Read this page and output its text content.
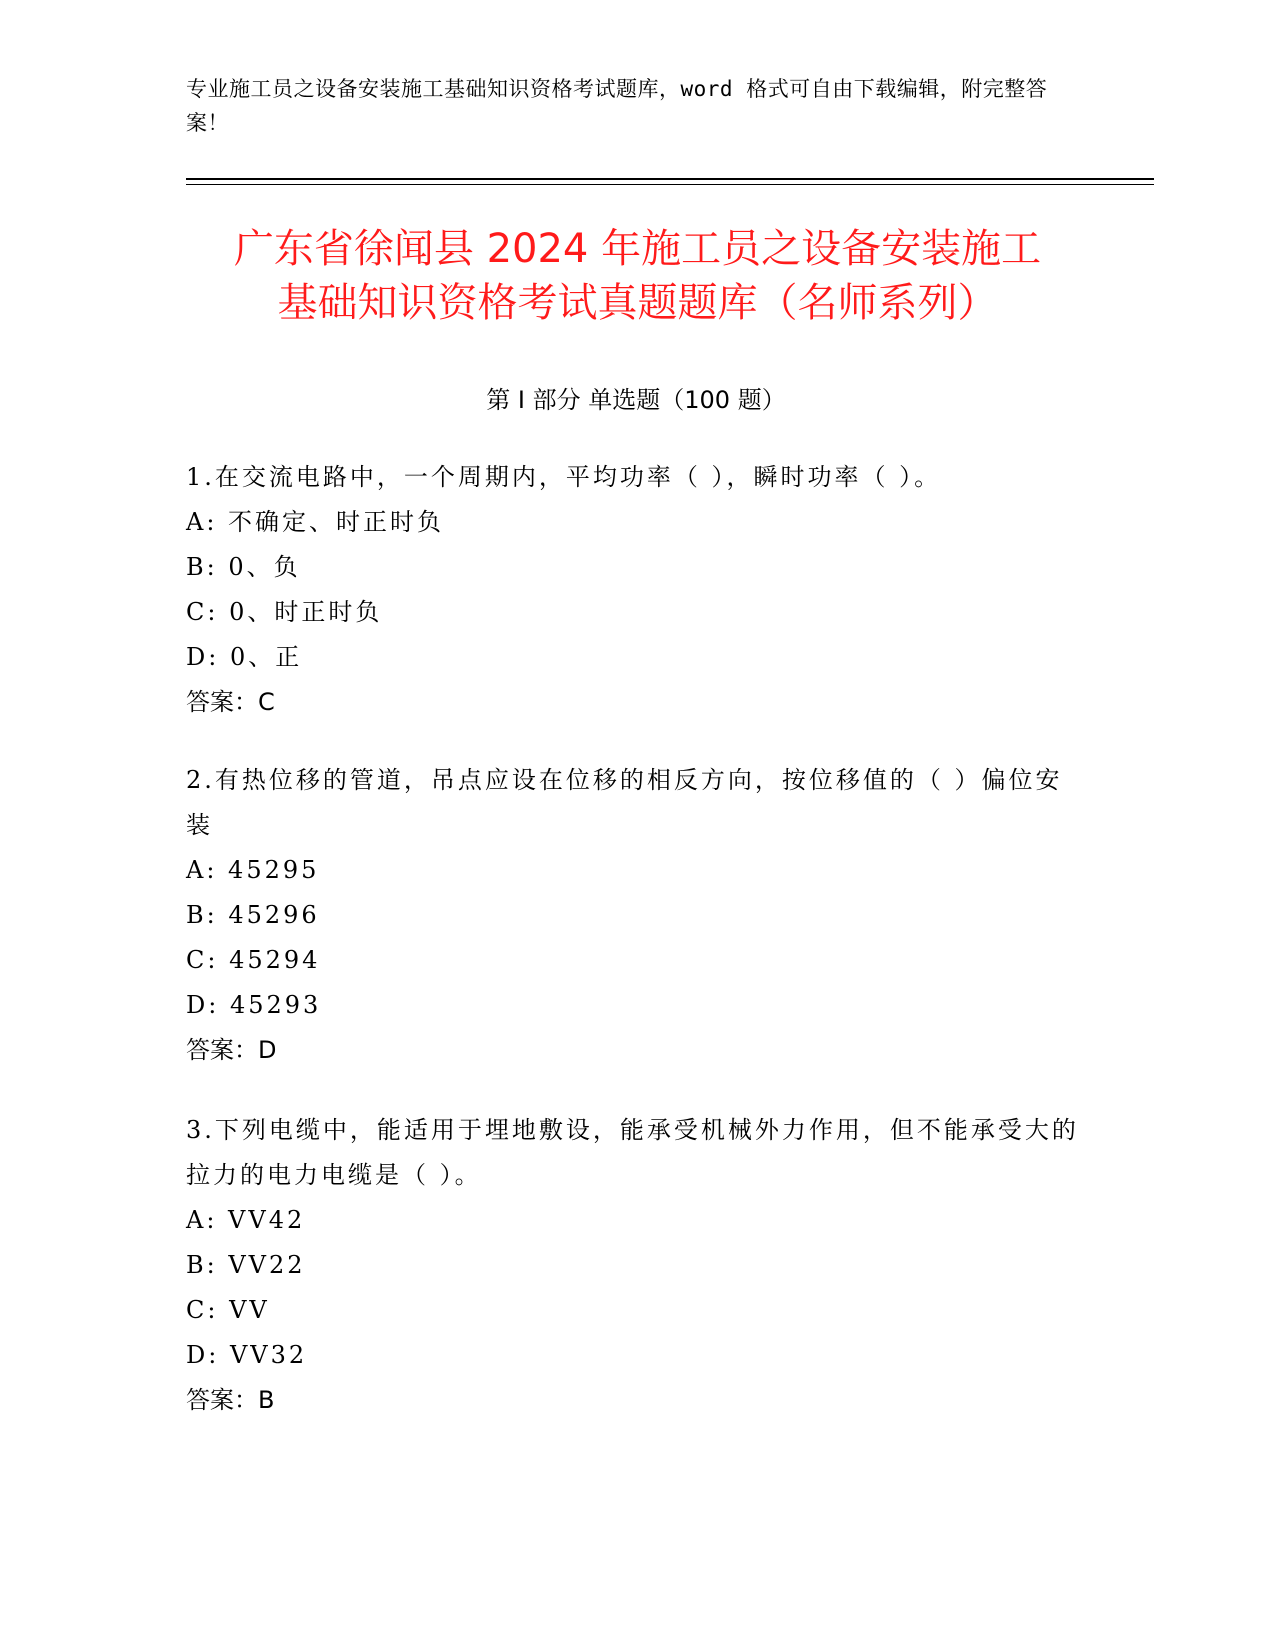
专业施工员之设备安装施工基础知识资格考试题库，word 格式可自由下载编辑，附完整答案！
广东省徐闻县 2024 年施工员之设备安装施工
基础知识资格考试真题题库（名师系列）
第 I 部分 单选题（100 题）
1.在交流电路中，一个周期内，平均功率（ ），瞬时功率（ ）。
A: 不确定、时正时负
B: 0、负
C: 0、时正时负
D: 0、正
答案：C
2.有热位移的管道，吊点应设在位移的相反方向，按位移值的（ ）偏位安装
A: 45295
B: 45296
C: 45294
D: 45293
答案：D
3.下列电缆中，能适用于埋地敷设，能承受机械外力作用，但不能承受大的拉力的电力电缆是（ ）。
A: VV42
B: VV22
C: VV
D: VV32
答案：B
